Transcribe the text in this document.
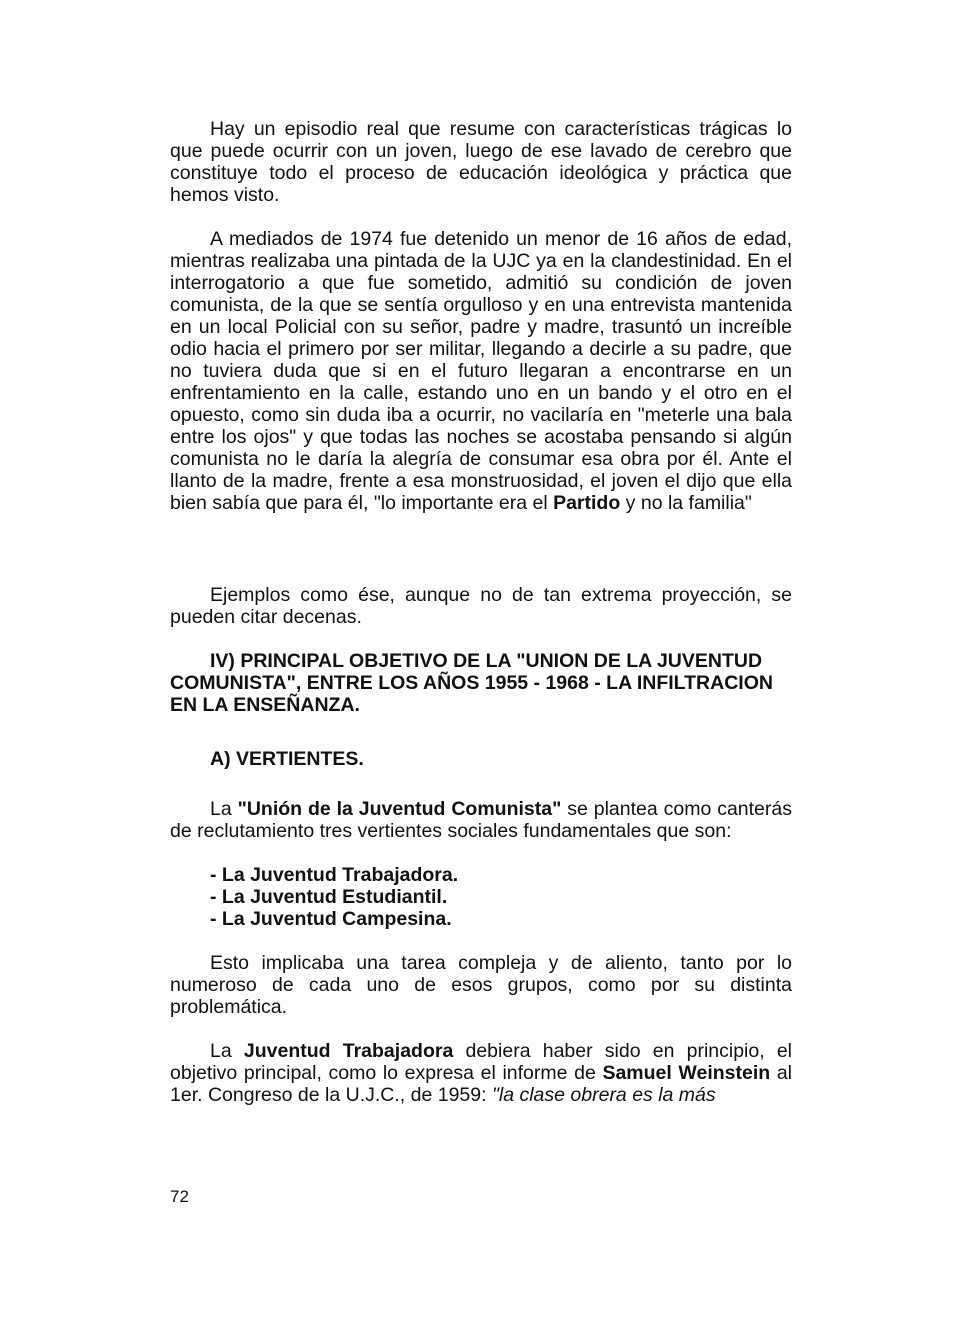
Hay un episodio real que resume con características trágicas lo que puede ocurrir con un joven, luego de ese lavado de cerebro que constituye todo el proceso de educación ideológica y práctica que hemos visto.

A mediados de 1974 fue detenido un menor de 16 años de edad, mientras realizaba una pintada de la UJC ya en la clandestinidad. En el interrogatorio a que fue sometido, admitió su condición de joven comunista, de la que se sentía orgulloso y en una entrevista mantenida en un local Policial con su señor, padre y madre, trasuntó un increíble odio hacia el primero por ser militar, llegando a decirle a su padre, que no tuviera duda que si en el futuro llegaran a encontrarse en un enfrentamiento en la calle, estando uno en un bando y el otro en el opuesto, como sin duda iba a ocurrir, no vacilaría en "meterle una bala entre los ojos" y que todas las noches se acostaba pensando si algún comunista no le daría la alegría de consumar esa obra por él. Ante el llanto de la madre, frente a esa monstruosidad, el joven el dijo que ella bien sabía que para él, "lo importante era el Partido y no la familia"

Ejemplos como ése, aunque no de tan extrema proyección, se pueden citar decenas.

IV) PRINCIPAL OBJETIVO DE LA "UNION DE LA JUVENTUD COMUNISTA", ENTRE LOS AÑOS 1955 - 1968 - LA INFILTRACION EN LA ENSEÑANZA.
A) VERTIENTES.

La "Unión de la Juventud Comunista" se plantea como canterás de reclutamiento tres vertientes sociales fundamentales que son:

- La Juventud Trabajadora.
- La Juventud Estudiantil.
- La Juventud Campesina.

Esto implicaba una tarea compleja y de aliento, tanto por lo numeroso de cada uno de esos grupos, como por su distinta problemática.

La Juventud Trabajadora debiera haber sido en principio, el objetivo principal, como lo expresa el informe de Samuel Weinstein al 1er. Congreso de la U.J.C., de 1959: "la clase obrera es la más

72
